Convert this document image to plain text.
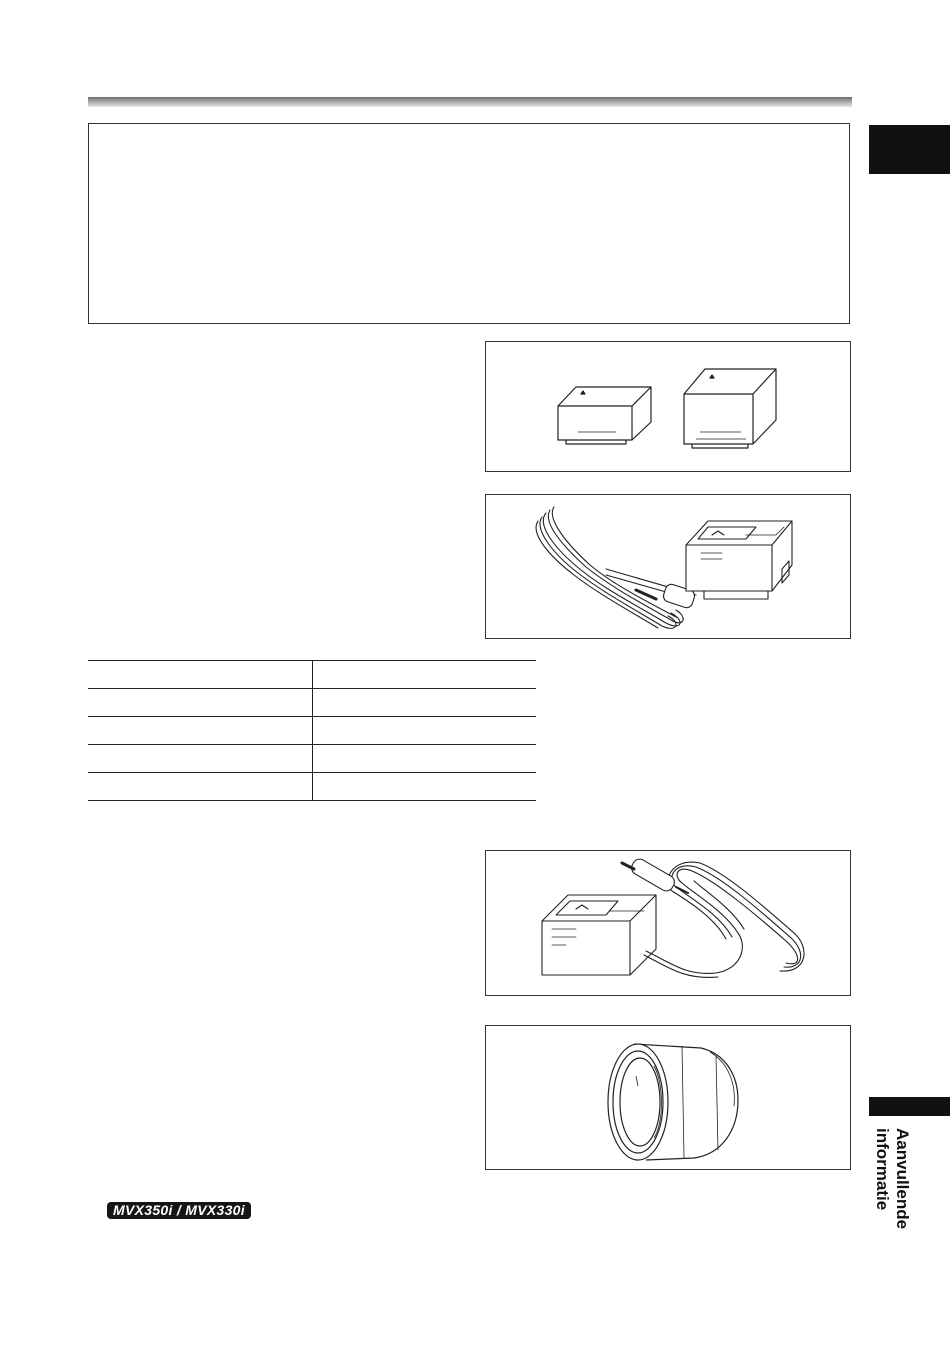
Aanvullende
informatie
MVX350i / MVX330i
